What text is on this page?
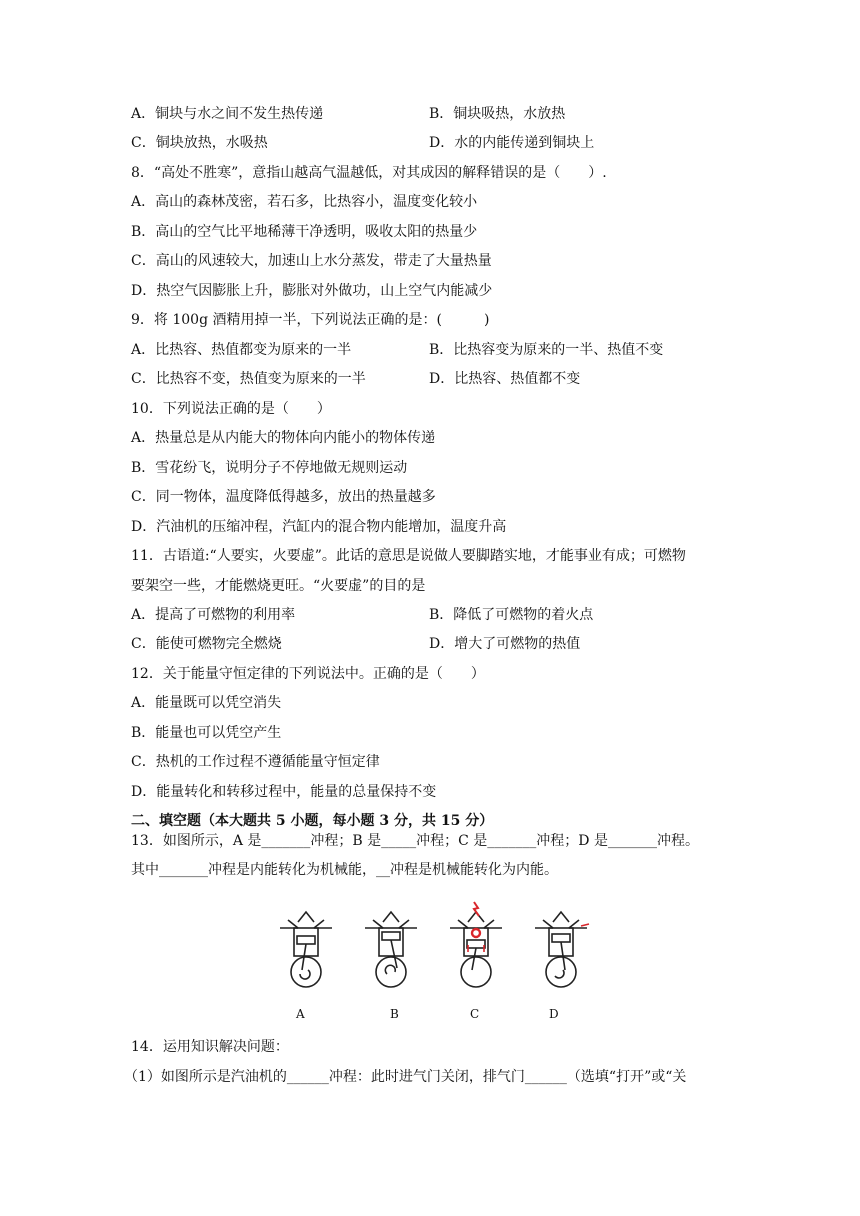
A．铜块与水之间不发生热传递	B．铜块吸热，水放热
C．铜块放热，水吸热	D．水的内能传递到铜块上
8．“高处不胜寒”，意指山越高气温越低，对其成因的解释错误的是（　　）.
A．高山的森林茂密，若石多，比热容小，温度变化较小
B．高山的空气比平地稀薄干净透明，吸收太阳的热量少
C．高山的风速较大，加速山上水分蒸发，带走了大量热量
D．热空气因膨胀上升，膨胀对外做功，山上空气内能减少
9．将 100g 酒精用掉一半，下列说法正确的是：(　　　)
A．比热容、热值都变为原来的一半	B．比热容变为原来的一半、热值不变
C．比热容不变，热值变为原来的一半	D．比热容、热值都不变
10．下列说法正确的是（　　）
A．热量总是从内能大的物体向内能小的物体传递
B．雪花纷飞，说明分子不停地做无规则运动
C．同一物体，温度降低得越多，放出的热量越多
D．汽油机的压缩冲程，汽缸内的混合物内能增加，温度升高
11．古语道:“人要实，火要虚”。此话的意思是说做人要脚踏实地，才能事业有成；可燃物
要架空一些，才能燃烧更旺。“火要虚”的目的是
A．提高了可燃物的利用率	B．降低了可燃物的着火点
C．能使可燃物完全燃烧	D．增大了可燃物的热值
12．关于能量守恒定律的下列说法中。正确的是（　　）
A．能量既可以凭空消失
B．能量也可以凭空产生
C．热机的工作过程不遵循能量守恒定律
D．能量转化和转移过程中，能量的总量保持不变
二、填空题（本大题共 5 小题，每小题 3 分，共 15 分）
13．如图所示，A 是_______冲程；B 是_____冲程；C 是_______冲程；D 是_______冲程。
其中_______冲程是内能转化为机械能，__冲程是机械能转化为内能。
A	B	C	D
14．运用知识解决问题：
（1）如图所示是汽油机的______冲程：此时进气门关闭，排气门______（选填“打开”或“关
